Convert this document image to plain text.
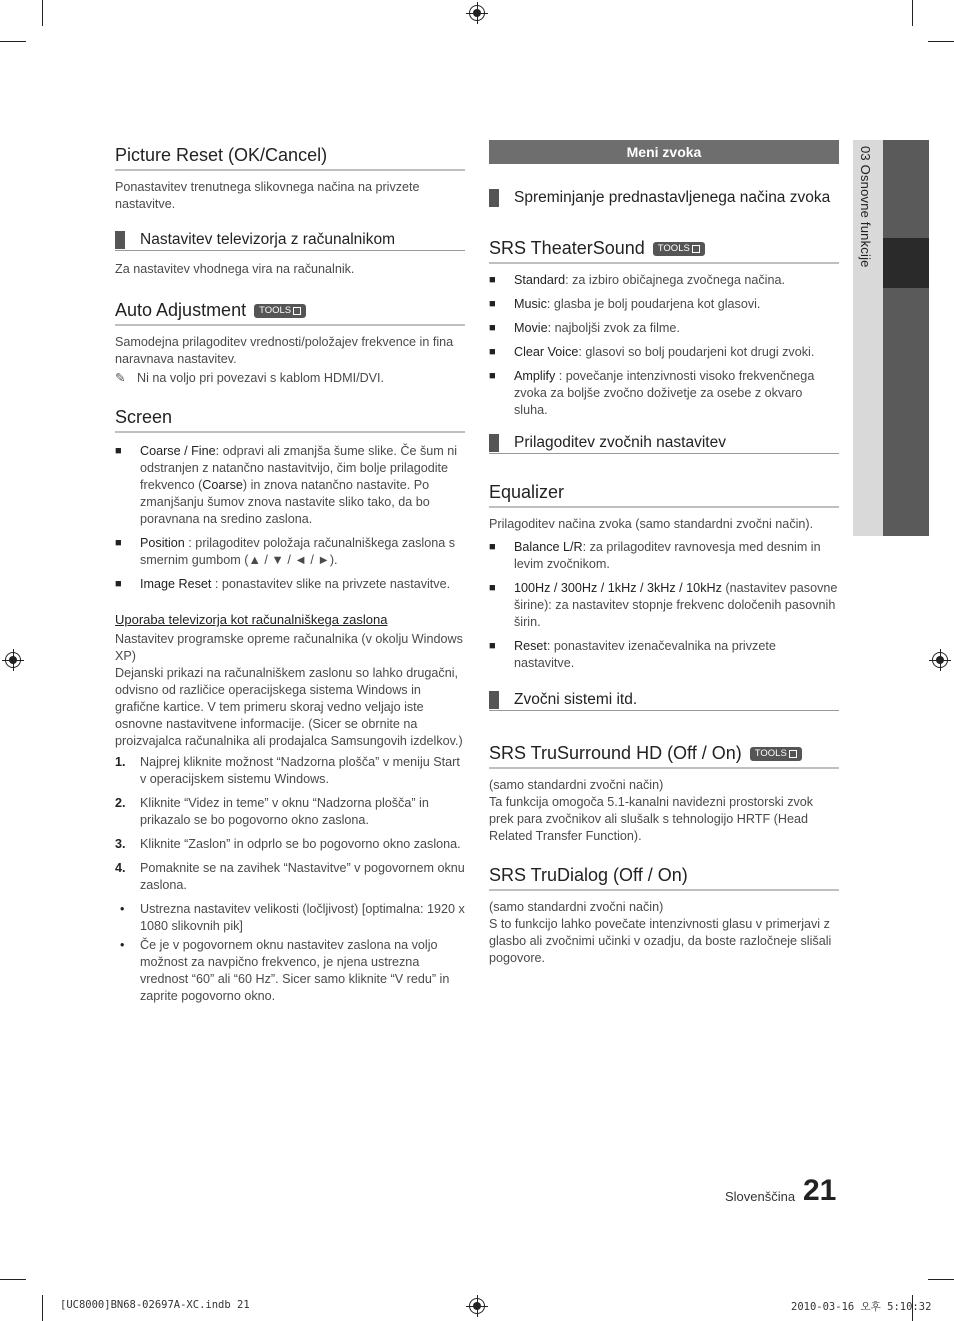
03 Osnovne funkcije
Picture Reset (OK/Cancel)

Ponastavitev trenutnega slikovnega načina na privzete nastavitve.

Nastavitev televizorja z računalnikom

Za nastavitev vhodnega vira na računalnik.

Auto Adjustment TOOLS

Samodejna prilagoditev vrednosti/položajev frekvence in fina naravnava nastavitev.

✎ Ni na voljo pri povezavi s kablom HDMI/DVI.

Screen
■	Coarse / Fine: odpravi ali zmanjša šume slike. Če šum ni odstranjen z natančno nastavitvijo, čim bolje prilagodite frekvenco (Coarse) in znova natančno nastavite. Po zmanjšanju šumov znova nastavite sliko tako, da bo poravnana na sredino zaslona.
■	Position : prilagoditev položaja računalniškega zaslona s smernim gumbom (▲ / ▼ / ◄ / ►).
■	Image Reset : ponastavitev slike na privzete nastavitve.

Uporaba televizorja kot računalniškega zaslona

Nastavitev programske opreme računalnika (v okolju Windows XP)

Dejanski prikazi na računalniškem zaslonu so lahko drugačni, odvisno od različice operacijskega sistema Windows in grafične kartice. V tem primeru skoraj vedno veljajo iste osnovne nastavitvene informacije. (Sicer se obrnite na proizvajalca računalnika ali prodajalca Samsungovih izdelkov.)

1.	Najprej kliknite možnost “Nadzorna plošča” v meniju Start v operacijskem sistemu Windows.
2.	Kliknite “Videz in teme” v oknu “Nadzorna plošča” in prikazalo se bo pogovorno okno zaslona.
3.	Kliknite “Zaslon” in odprlo se bo pogovorno okno zaslona.
4.	Pomaknite se na zavihek “Nastavitve” v pogovornem oknu zaslona.
•	Ustrezna nastavitev velikosti (ločljivost) [optimalna: 1920 x 1080 slikovnih pik]
•	Če je v pogovornem oknu nastavitev zaslona na voljo možnost za navpično frekvenco, je njena ustrezna vrednost “60” ali “60 Hz”. Sicer samo kliknite “V redu” in zaprite pogovorno okno.
Meni zvoka
Spreminjanje prednastavljenega načina zvoka
SRS TheaterSound TOOLS
■	Standard: za izbiro običajnega zvočnega načina.
■	Music: glasba je bolj poudarjena kot glasovi.
■	Movie: najboljši zvok za filme.
■	Clear Voice: glasovi so bolj poudarjeni kot drugi zvoki.
■	Amplify : povečanje intenzivnosti visoko frekvenčnega zvoka za boljše zvočno doživetje za osebe z okvaro sluha.
Prilagoditev zvočnih nastavitev
Equalizer

Prilagoditev načina zvoka (samo standardni zvočni način).

■	Balance L/R: za prilagoditev ravnovesja med desnim in levim zvočnikom.
■	100Hz / 300Hz / 1kHz / 3kHz / 10kHz (nastavitev pasovne širine): za nastavitev stopnje frekvenc določenih pasovnih širin.
■	Reset: ponastavitev izenačevalnika na privzete nastavitve.
Zvočni sistemi itd.
SRS TruSurround HD (Off / On) TOOLS

(samo standardni zvočni način)

Ta funkcija omogoča 5.1-kanalni navidezni prostorski zvok prek para zvočnikov ali slušalk s tehnologijo HRTF (Head Related Transfer Function).

SRS TruDialog (Off / On)

(samo standardni zvočni način)

S to funkcijo lahko povečate intenzivnosti glasu v primerjavi z glasbo ali zvočnimi učinki v ozadju, da boste razločneje slišali pogovore.

Slovenščina 21
[UC8000]BN68-02697A-XC.indb 21	2010-03-16 오후 5:10:32
